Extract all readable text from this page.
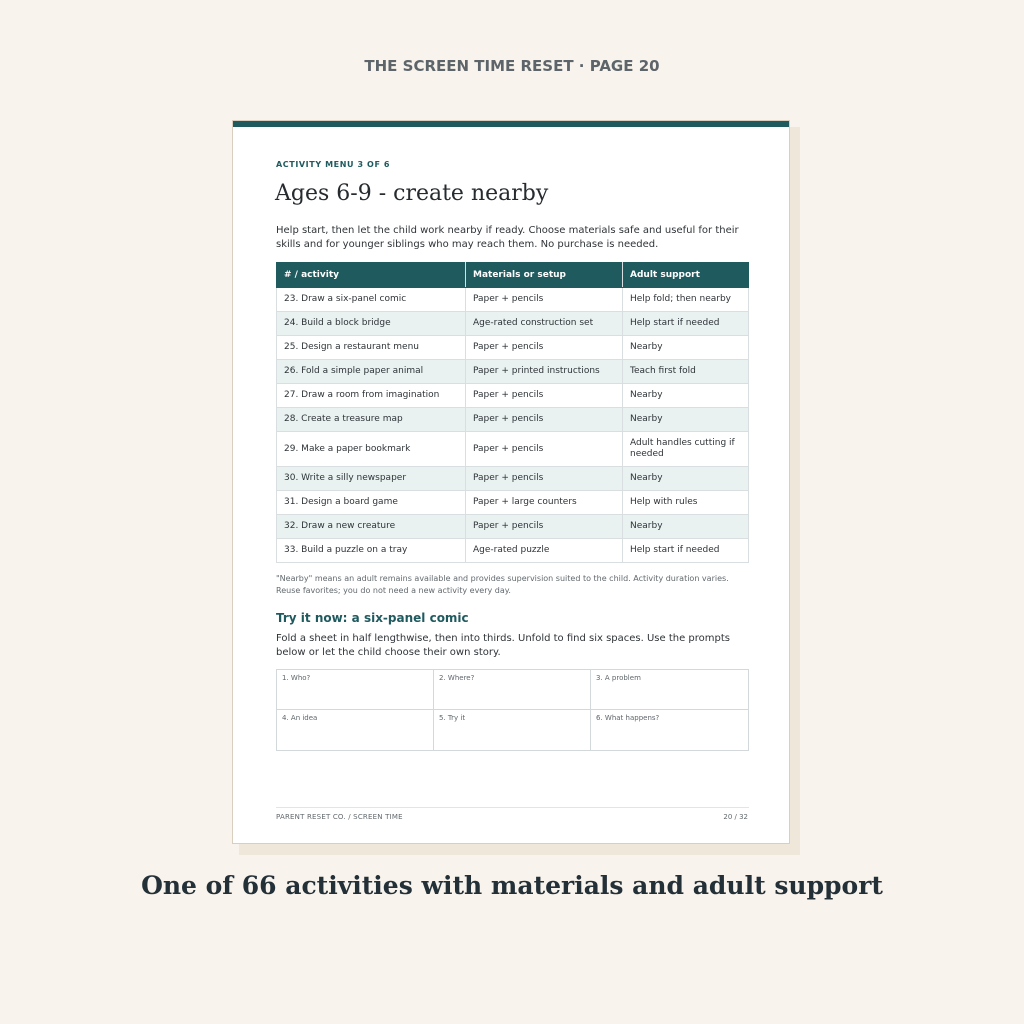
THE SCREEN TIME RESET · PAGE 20
ACTIVITY MENU 3 OF 6
Ages 6-9 - create nearby
Help start, then let the child work nearby if ready. Choose materials safe and useful for their skills and for younger siblings who may reach them. No purchase is needed.
# / activity	Materials or setup	Adult support
23. Draw a six-panel comic	Paper + pencils	Help fold; then nearby
24. Build a block bridge	Age-rated construction set	Help start if needed
25. Design a restaurant menu	Paper + pencils	Nearby
26. Fold a simple paper animal	Paper + printed instructions	Teach first fold
27. Draw a room from imagination	Paper + pencils	Nearby
28. Create a treasure map	Paper + pencils	Nearby
29. Make a paper bookmark	Paper + pencils	Adult handles cutting if needed
30. Write a silly newspaper	Paper + pencils	Nearby
31. Design a board game	Paper + large counters	Help with rules
32. Draw a new creature	Paper + pencils	Nearby
33. Build a puzzle on a tray	Age-rated puzzle	Help start if needed
"Nearby" means an adult remains available and provides supervision suited to the child. Activity duration varies. Reuse favorites; you do not need a new activity every day.
Try it now: a six-panel comic
Fold a sheet in half lengthwise, then into thirds. Unfold to find six spaces. Use the prompts below or let the child choose their own story.
1. Who?	2. Where?	3. A problem
4. An idea	5. Try it	6. What happens?
PARENT RESET CO. / SCREEN TIME	20 / 32
One of 66 activities with materials and adult support
